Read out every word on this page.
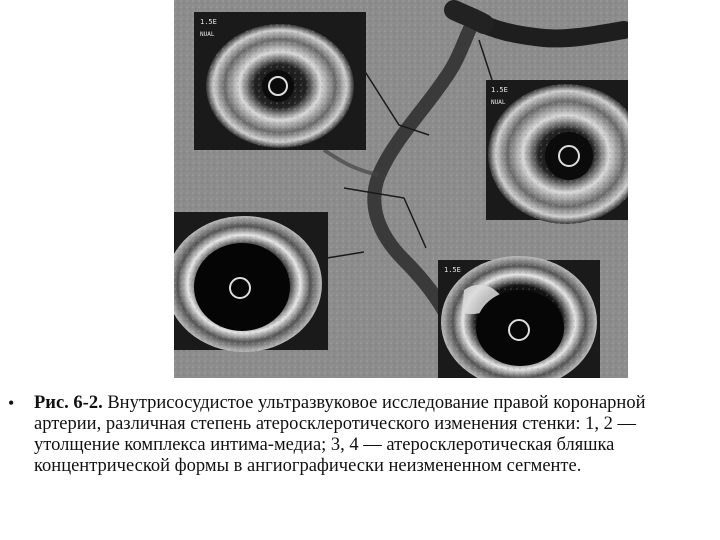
1.5E
NUAL
1.5E
NUAL
1.5E
• Рис. 6-2. Внутрисосудистое ультразвуковое исследование правой коронарной артерии, различная степень атеросклеротического изменения стенки: 1, 2 — утолщение комплекса интима-медиа; 3, 4 — атеросклеротическая бляшка концентрической формы в ангиографически неизмененном сегменте.
